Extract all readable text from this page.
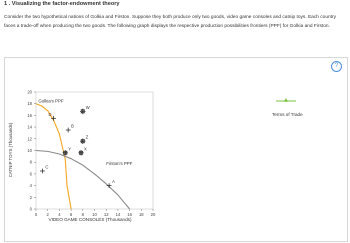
1 . Visualizing the factor-endowment theory
Consider the two hypothetical nations of Golkia and Firston. Suppose they both produce only two goods, video game consoles and catnip toys. Each country faces a trade-off when producing the two goods. The following graph displays the respective production possibilities frontiers (PPF) for Golkia and Firston.
?
0
2
4
6
8
10
12
14
16
18
20
0 2 4 6 8 10 12 14 16 18 20
Golkia's PPF
Firston's PPF
D
W
B
Z
Y	X
C
A
VIDEO GAME CONSOLES (Thousands)
CATNIP TOYS (Thousands)
Terms of Trade
